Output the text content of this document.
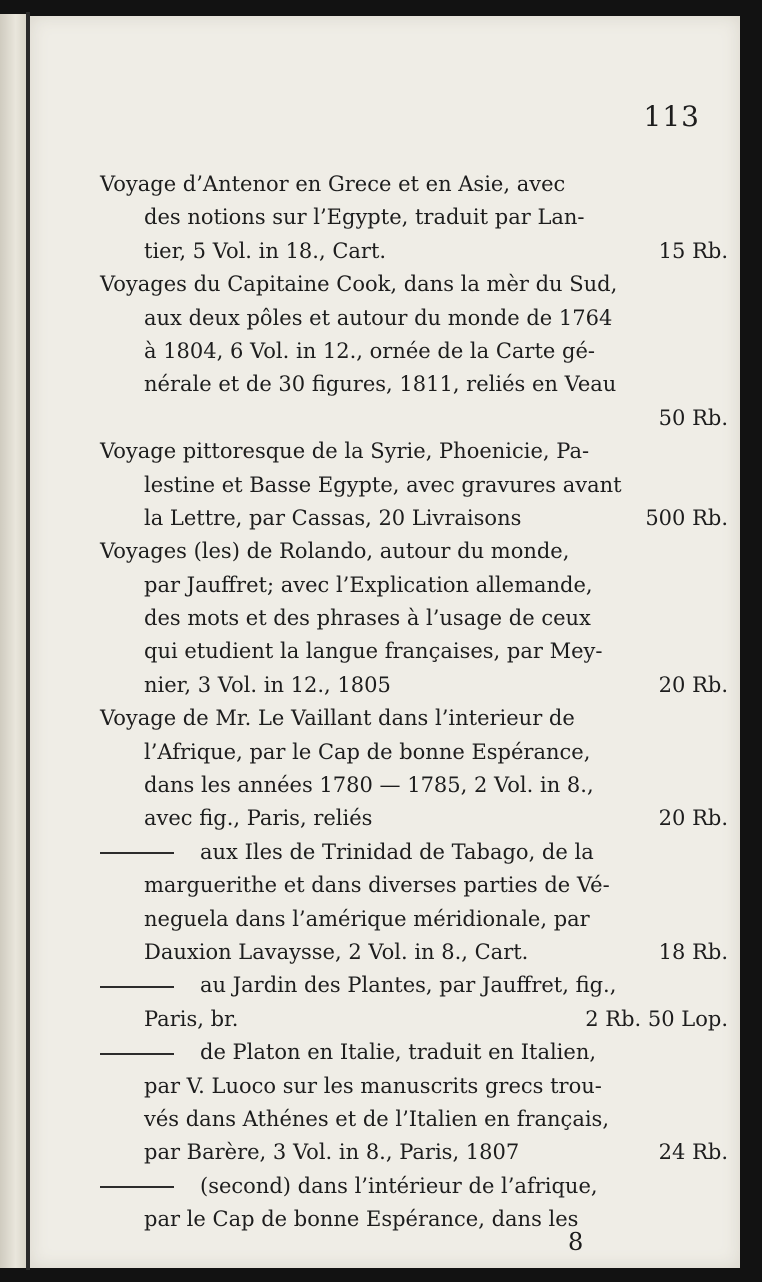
113
Voyage d’Antenor en Grece et en Asie, avec
des notions sur l’Egypte, traduit par Lan-
tier, 5 Vol. in 18., Cart.	15 Rb.
Voyages du Capitaine Cook, dans la mèr du Sud,
aux deux pôles et autour du monde de 1764
à 1804, 6 Vol. in 12., ornée de la Carte gé-
nérale et de 30 figures, 1811, reliés en Veau
50 Rb.
Voyage pittoresque de la Syrie, Phoenicie, Pa-
lestine et Basse Egypte, avec gravures avant
la Lettre, par Cassas, 20 Livraisons	500 Rb.
Voyages (les) de Rolando, autour du monde,
par Jauffret; avec l’Explication allemande,
des mots et des phrases à l’usage de ceux
qui etudient la langue françaises, par Mey-
nier, 3 Vol. in 12., 1805	20 Rb.
Voyage de Mr. Le Vaillant dans l’interieur de
l’Afrique, par le Cap de bonne Espérance,
dans les années 1780 — 1785, 2 Vol. in 8.,
avec fig., Paris, reliés	20 Rb.
aux Iles de Trinidad de Tabago, de la
marguerithe et dans diverses parties de Vé-
neguela dans l’amérique méridionale, par
Dauxion Lavaysse, 2 Vol. in 8., Cart.	18 Rb.
au Jardin des Plantes, par Jauffret, fig.,
Paris, br.	2 Rb. 50 Lop.
de Platon en Italie, traduit en Italien,
par V. Luoco sur les manuscrits grecs trou-
vés dans Athénes et de l’Italien en français,
par Barère, 3 Vol. in 8., Paris, 1807	24 Rb.
(second) dans l’intérieur de l’afrique,
par le Cap de bonne Espérance, dans les
8
